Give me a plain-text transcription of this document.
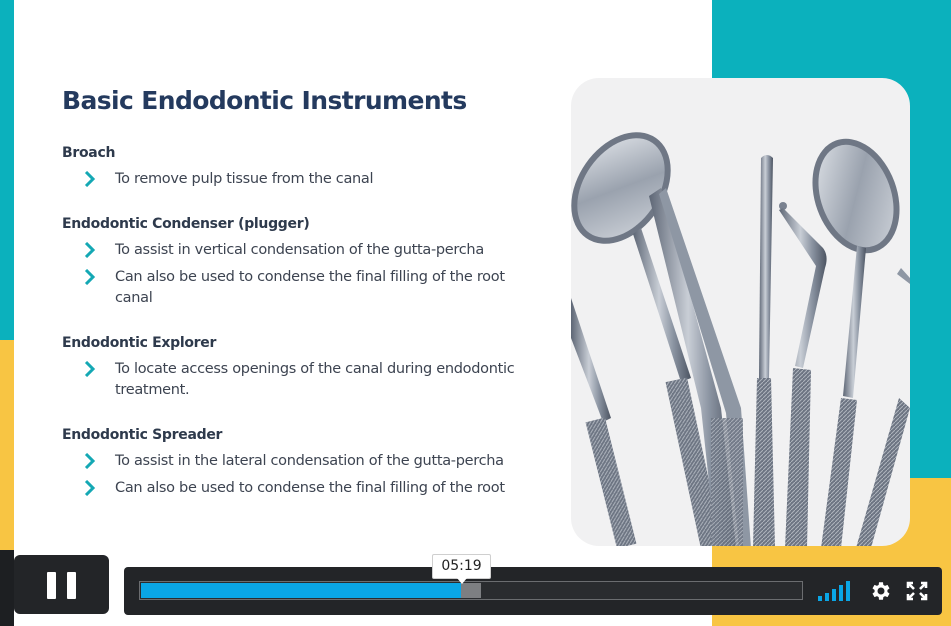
Basic Endodontic Instruments
Broach
To remove pulp tissue from the canal
Endodontic Condenser (plugger)
To assist in vertical condensation of the gutta-percha
Can also be used to condense the final filling of the root canal
Endodontic Explorer
To locate access openings of the canal during endodontic treatment.
Endodontic Spreader
To assist in the lateral condensation of the gutta-percha
Can also be used to condense the final filling of the root
05:19
